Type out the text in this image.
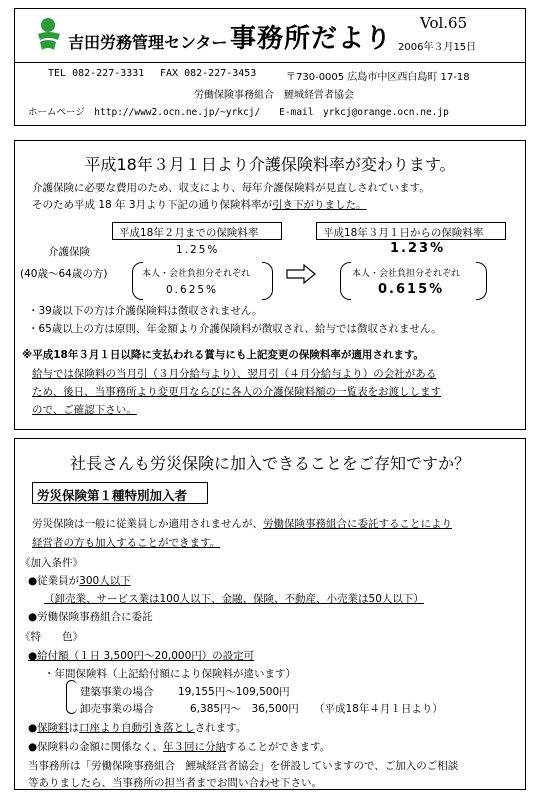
吉田労務管理センター 事務所だより
Vol.65
2006年３月15日
TEL 082-227-3331 FAX 082-227-3453	〒730-0005 広島市中区西白島町 17-18
労働保険事務組合　鯉城経営者協会
ホームページ　http://www2.ocn.ne.jp/~yrkcj/　　E-mail　yrkcj@orange.ocn.ne.jp
平成18年３月１日より介護保険料率が変わります。
介護保険に必要な費用のため、収支により、毎年介護保険料が見直しされています。
そのため平成 18 年 3月より下記の通り保険料率が引き下がりました。
平成18年２月までの保険料率	平成18年３月１日からの保険料率
介護保険
(40歳～64歳の方)
1.25%	1.23%
本人・会社負担分それぞれ
0.625%
本人・会社負担分それぞれ
0.615%
・39歳以下の方は介護保険料は徴収されません。
・65歳以上の方は原則、年金額より介護保険料が徴収され、給与では徴収されません。
※平成18年３月１日以降に支払われる賞与にも上記変更の保険料率が適用されます。
給与では保険料の当月引（３月分給与より）、翌月引（４月分給与より）の会社がある
ため、後日、当事務所より変更月ならびに各人の介護保険料額の一覧表をお渡しします
ので、ご確認下さい。
社長さんも労災保険に加入できることをご存知ですか？
労災保険第１種特別加入者
労災保険は一般に従業員しか適用されませんが、労働保険事務組合に委託することにより
経営者の方も加入することができます。
《加入条件》
●従業員が300人以下
（卸売業、サービス業は100人以下、金融、保険、不動産、小売業は50人以下）
●労働保険事務組合に委託
《特　　色》
●給付額（１日 3,500円～20,000円）の設定可
・年間保険料（上記給付額により保険料が違います）
建築事業の場合 19,155円～109,500円
卸売事業の場合	6,385円～　36,500円 （平成18年４月１日より）
●保険料は口座より自動引き落としされます。
●保険料の金額に関係なく、年３回に分納することができます。
当事務所は「労働保険事務組合　鯉城経営者協会」を併設していますので、ご加入のご相談
等ありましたら、当事務所の担当者までお問い合わせ下さい。
